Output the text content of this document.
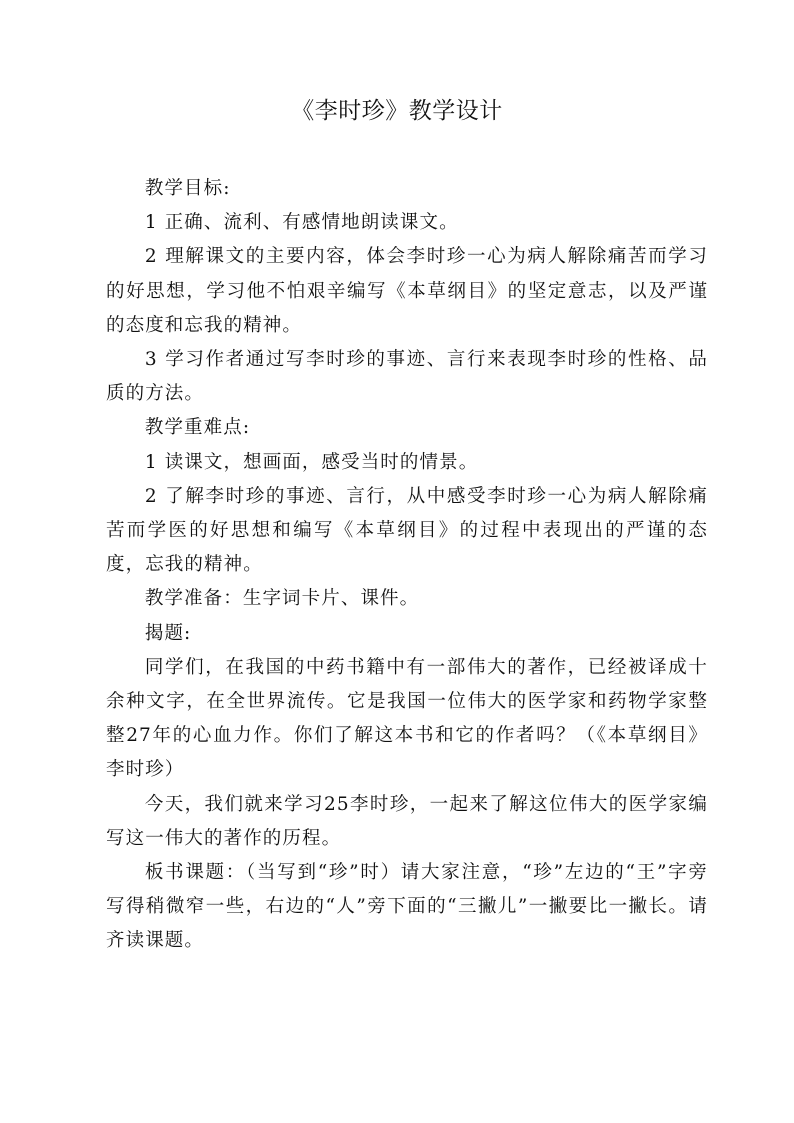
《李时珍》教学设计

教学目标:

1 正确、流利、有感情地朗读课文。

2 理解课文的主要内容，体会李时珍一心为病人解除痛苦而学习的好思想，学习他不怕艰辛编写《本草纲目》的坚定意志，以及严谨的态度和忘我的精神。

3 学习作者通过写李时珍的事迹、言行来表现李时珍的性格、品质的方法。

教学重难点:

1 读课文，想画面，感受当时的情景。

2 了解李时珍的事迹、言行，从中感受李时珍一心为病人解除痛苦而学医的好思想和编写《本草纲目》的过程中表现出的严谨的态度，忘我的精神。

教学准备：生字词卡片、课件。

揭题:

同学们，在我国的中药书籍中有一部伟大的著作，已经被译成十余种文字，在全世界流传。它是我国一位伟大的医学家和药物学家整整27年的心血力作。你们了解这本书和它的作者吗？（《本草纲目》李时珍）

今天，我们就来学习25李时珍，一起来了解这位伟大的医学家编写这一伟大的著作的历程。

板书课题：（当写到“珍”时）请大家注意，“珍”左边的“王”字旁写得稍微窄一些，右边的“人”旁下面的“三撇儿”一撇要比一撇长。请齐读课题。
